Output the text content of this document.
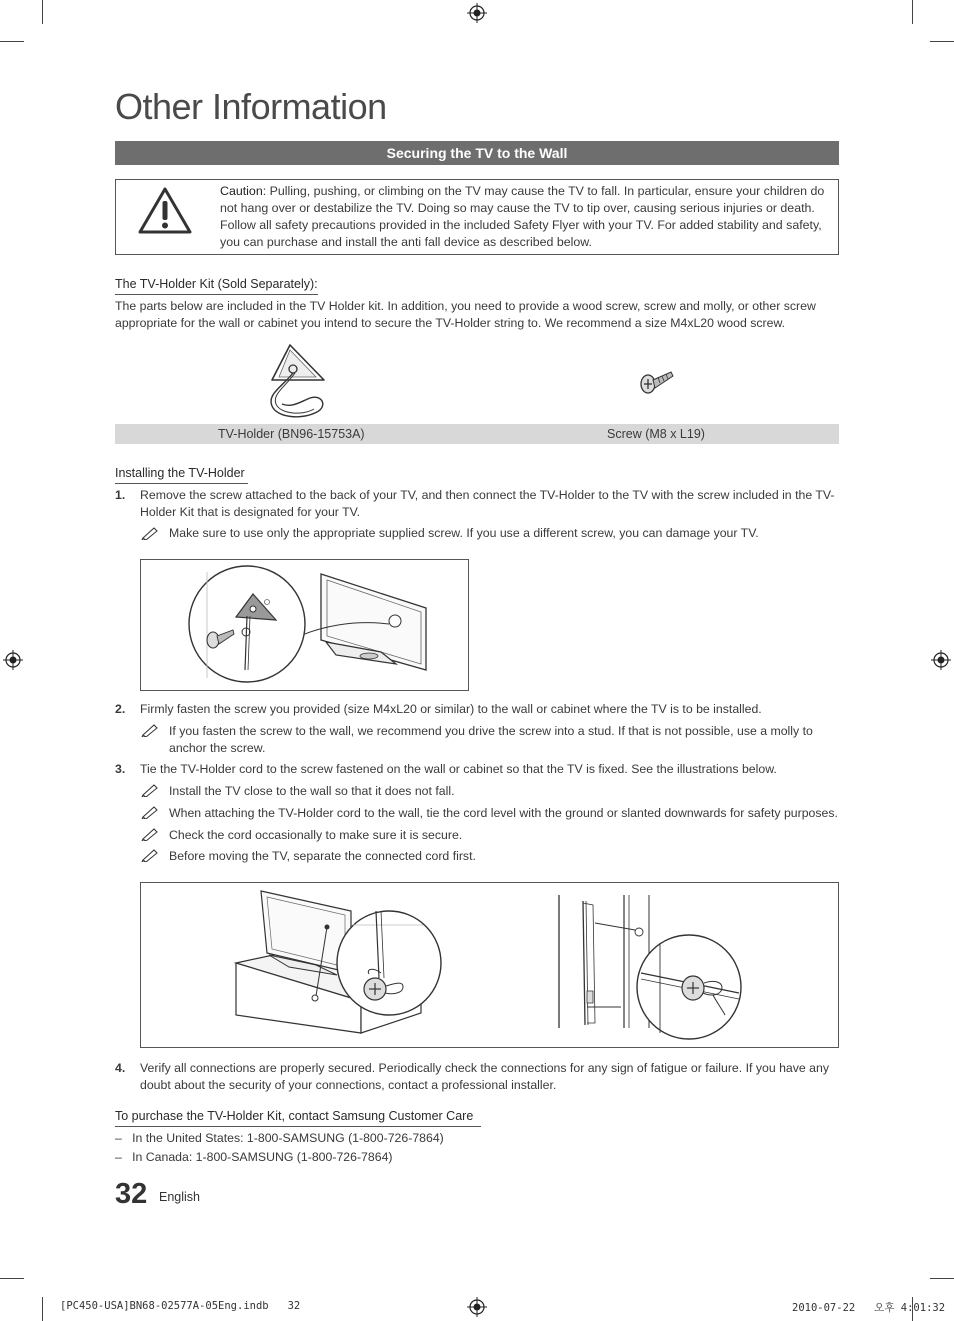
Other Information
Securing the TV to the Wall
Caution: Pulling, pushing, or climbing on the TV may cause the TV to fall. In particular, ensure your children do not hang over or destabilize the TV. Doing so may cause the TV to tip over, causing serious injuries or death. Follow all safety precautions provided in the included Safety Flyer with your TV. For added stability and safety, you can purchase and install the anti fall device as described below.
The TV-Holder Kit (Sold Separately):
The parts below are included in the TV Holder kit. In addition, you need to provide a wood screw, screw and molly, or other screw appropriate for the wall or cabinet you intend to secure the TV-Holder string to. We recommend a size M4xL20 wood screw.
TV-Holder (BN96-15753A)	Screw (M8 x L19)
Installing the TV-Holder
1. Remove the screw attached to the back of your TV, and then connect the TV-Holder to the TV with the screw included in the TV-Holder Kit that is designated for your TV.
Make sure to use only the appropriate supplied screw. If you use a different screw, you can damage your TV.
2. Firmly fasten the screw you provided (size M4xL20 or similar) to the wall or cabinet where the TV is to be installed.
If you fasten the screw to the wall, we recommend you drive the screw into a stud. If that is not possible, use a molly to anchor the screw.
3. Tie the TV-Holder cord to the screw fastened on the wall or cabinet so that the TV is fixed. See the illustrations below.
Install the TV close to the wall so that it does not fall.
When attaching the TV-Holder cord to the wall, tie the cord level with the ground or slanted downwards for safety purposes.
Check the cord occasionally to make sure it is secure.
Before moving the TV, separate the connected cord first.
4. Verify all connections are properly secured. Periodically check the connections for any sign of fatigue or failure. If you have any doubt about the security of your connections, contact a professional installer.
To purchase the TV-Holder Kit, contact Samsung Customer Care
–   In the United States: 1-800-SAMSUNG (1-800-726-7864)
–   In Canada: 1-800-SAMSUNG (1-800-726-7864)
32 English
[PC450-USA]BN68-02577A-05Eng.indb   32	2010-07-22   오후 4:01:32
